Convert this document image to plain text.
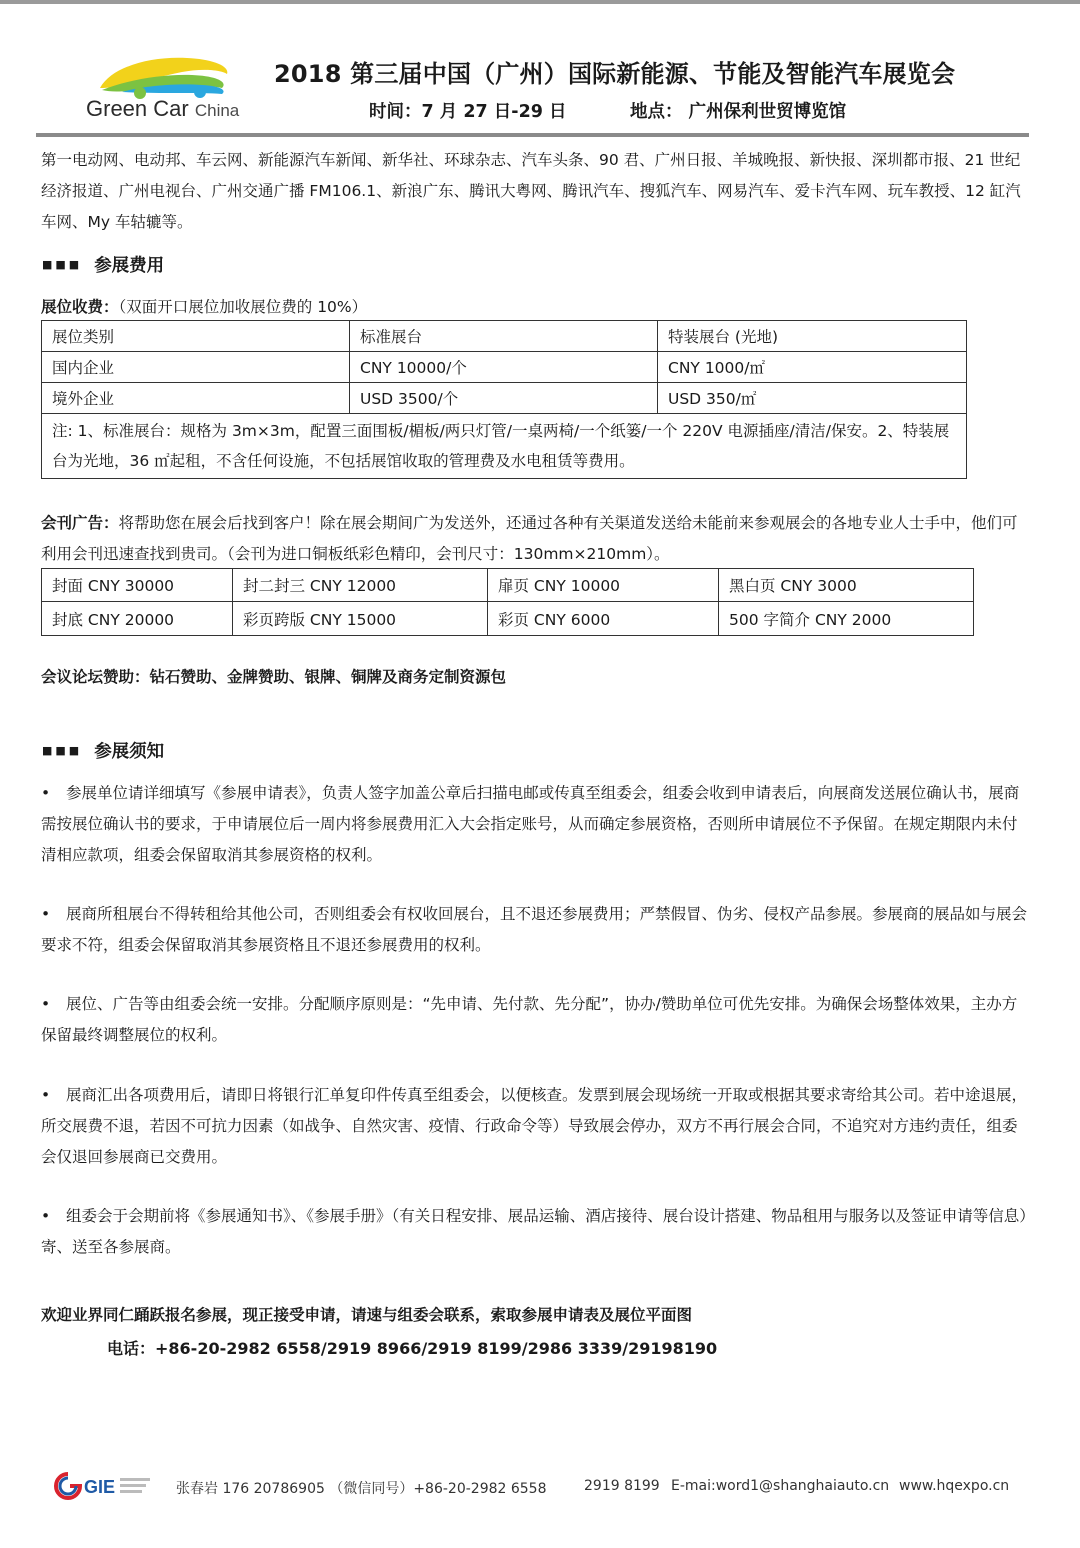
Green Car China
2018 第三届中国（广州）国际新能源、节能及智能汽车展览会
时间：7 月 27 日-29 日	地点： 广州保利世贸博览馆
第一电动网、电动邦、车云网、新能源汽车新闻、新华社、环球杂志、汽车头条、90 君、广州日报、羊城晚报、新快报、深圳都市报、21 世纪经济报道、广州电视台、广州交通广播 FM106.1、新浪广东、腾讯大粤网、腾讯汽车、搜狐汽车、网易汽车、爱卡汽车网、玩车教授、12 缸汽车网、My 车轱辘等。
■■■ 参展费用
展位收费：（双面开口展位加收展位费的 10%）
展位类别	标准展台	特装展台 (光地)
国内企业	CNY 10000/个	CNY 1000/㎡
境外企业	USD 3500/个	USD 350/㎡
注: 1、标准展台：规格为 3m×3m，配置三面围板/楣板/两只灯管/一桌两椅/一个纸篓/一个 220V 电源插座/清洁/保安。2、特装展台为光地，36 ㎡起租，不含任何设施，不包括展馆收取的管理费及水电租赁等费用。		
会刊广告：将帮助您在展会后找到客户！除在展会期间广为发送外，还通过各种有关渠道发送给未能前来参观展会的各地专业人士手中，他们可利用会刊迅速查找到贵司。（会刊为进口铜板纸彩色精印，会刊尺寸：130mm×210mm）。
封面 CNY 30000	封二封三 CNY 12000	扉页 CNY 10000	黑白页 CNY 3000
封底 CNY 20000	彩页跨版 CNY 15000	彩页 CNY 6000	500 字简介 CNY 2000
会议论坛赞助：钻石赞助、金牌赞助、银牌、铜牌及商务定制资源包
■■■ 参展须知
• 参展单位请详细填写《参展申请表》，负责人签字加盖公章后扫描电邮或传真至组委会，组委会收到申请表后，向展商发送展位确认书，展商需按展位确认书的要求，于申请展位后一周内将参展费用汇入大会指定账号，从而确定参展资格，否则所申请展位不予保留。在规定期限内未付清相应款项，组委会保留取消其参展资格的权利。
• 展商所租展台不得转租给其他公司，否则组委会有权收回展台，且不退还参展费用；严禁假冒、伪劣、侵权产品参展。参展商的展品如与展会要求不符，组委会保留取消其参展资格且不退还参展费用的权利。
• 展位、广告等由组委会统一安排。分配顺序原则是：“先申请、先付款、先分配”，协办/赞助单位可优先安排。为确保会场整体效果，主办方保留最终调整展位的权利。
• 展商汇出各项费用后，请即日将银行汇单复印件传真至组委会，以便核查。发票到展会现场统一开取或根据其要求寄给其公司。若中途退展，所交展费不退，若因不可抗力因素（如战争、自然灾害、疫情、行政命令等）导致展会停办，双方不再行展会合同，不追究对方违约责任，组委会仅退回参展商已交费用。
• 组委会于会期前将《参展通知书》、《参展手册》（有关日程安排、展品运输、酒店接待、展台设计搭建、物品租用与服务以及签证申请等信息）寄、送至各参展商。
欢迎业界同仁踊跃报名参展，现正接受申请，请速与组委会联系，索取参展申请表及展位平面图
电话：+86-20-2982 6558/2919 8966/2919 8199/2986 3339/29198190
GIE	张春岩 176 20786905 （微信同号）+86-20-2982 6558	2919 8199 E-mai:word1@shanghaiauto.cn www.hqexpo.cn
